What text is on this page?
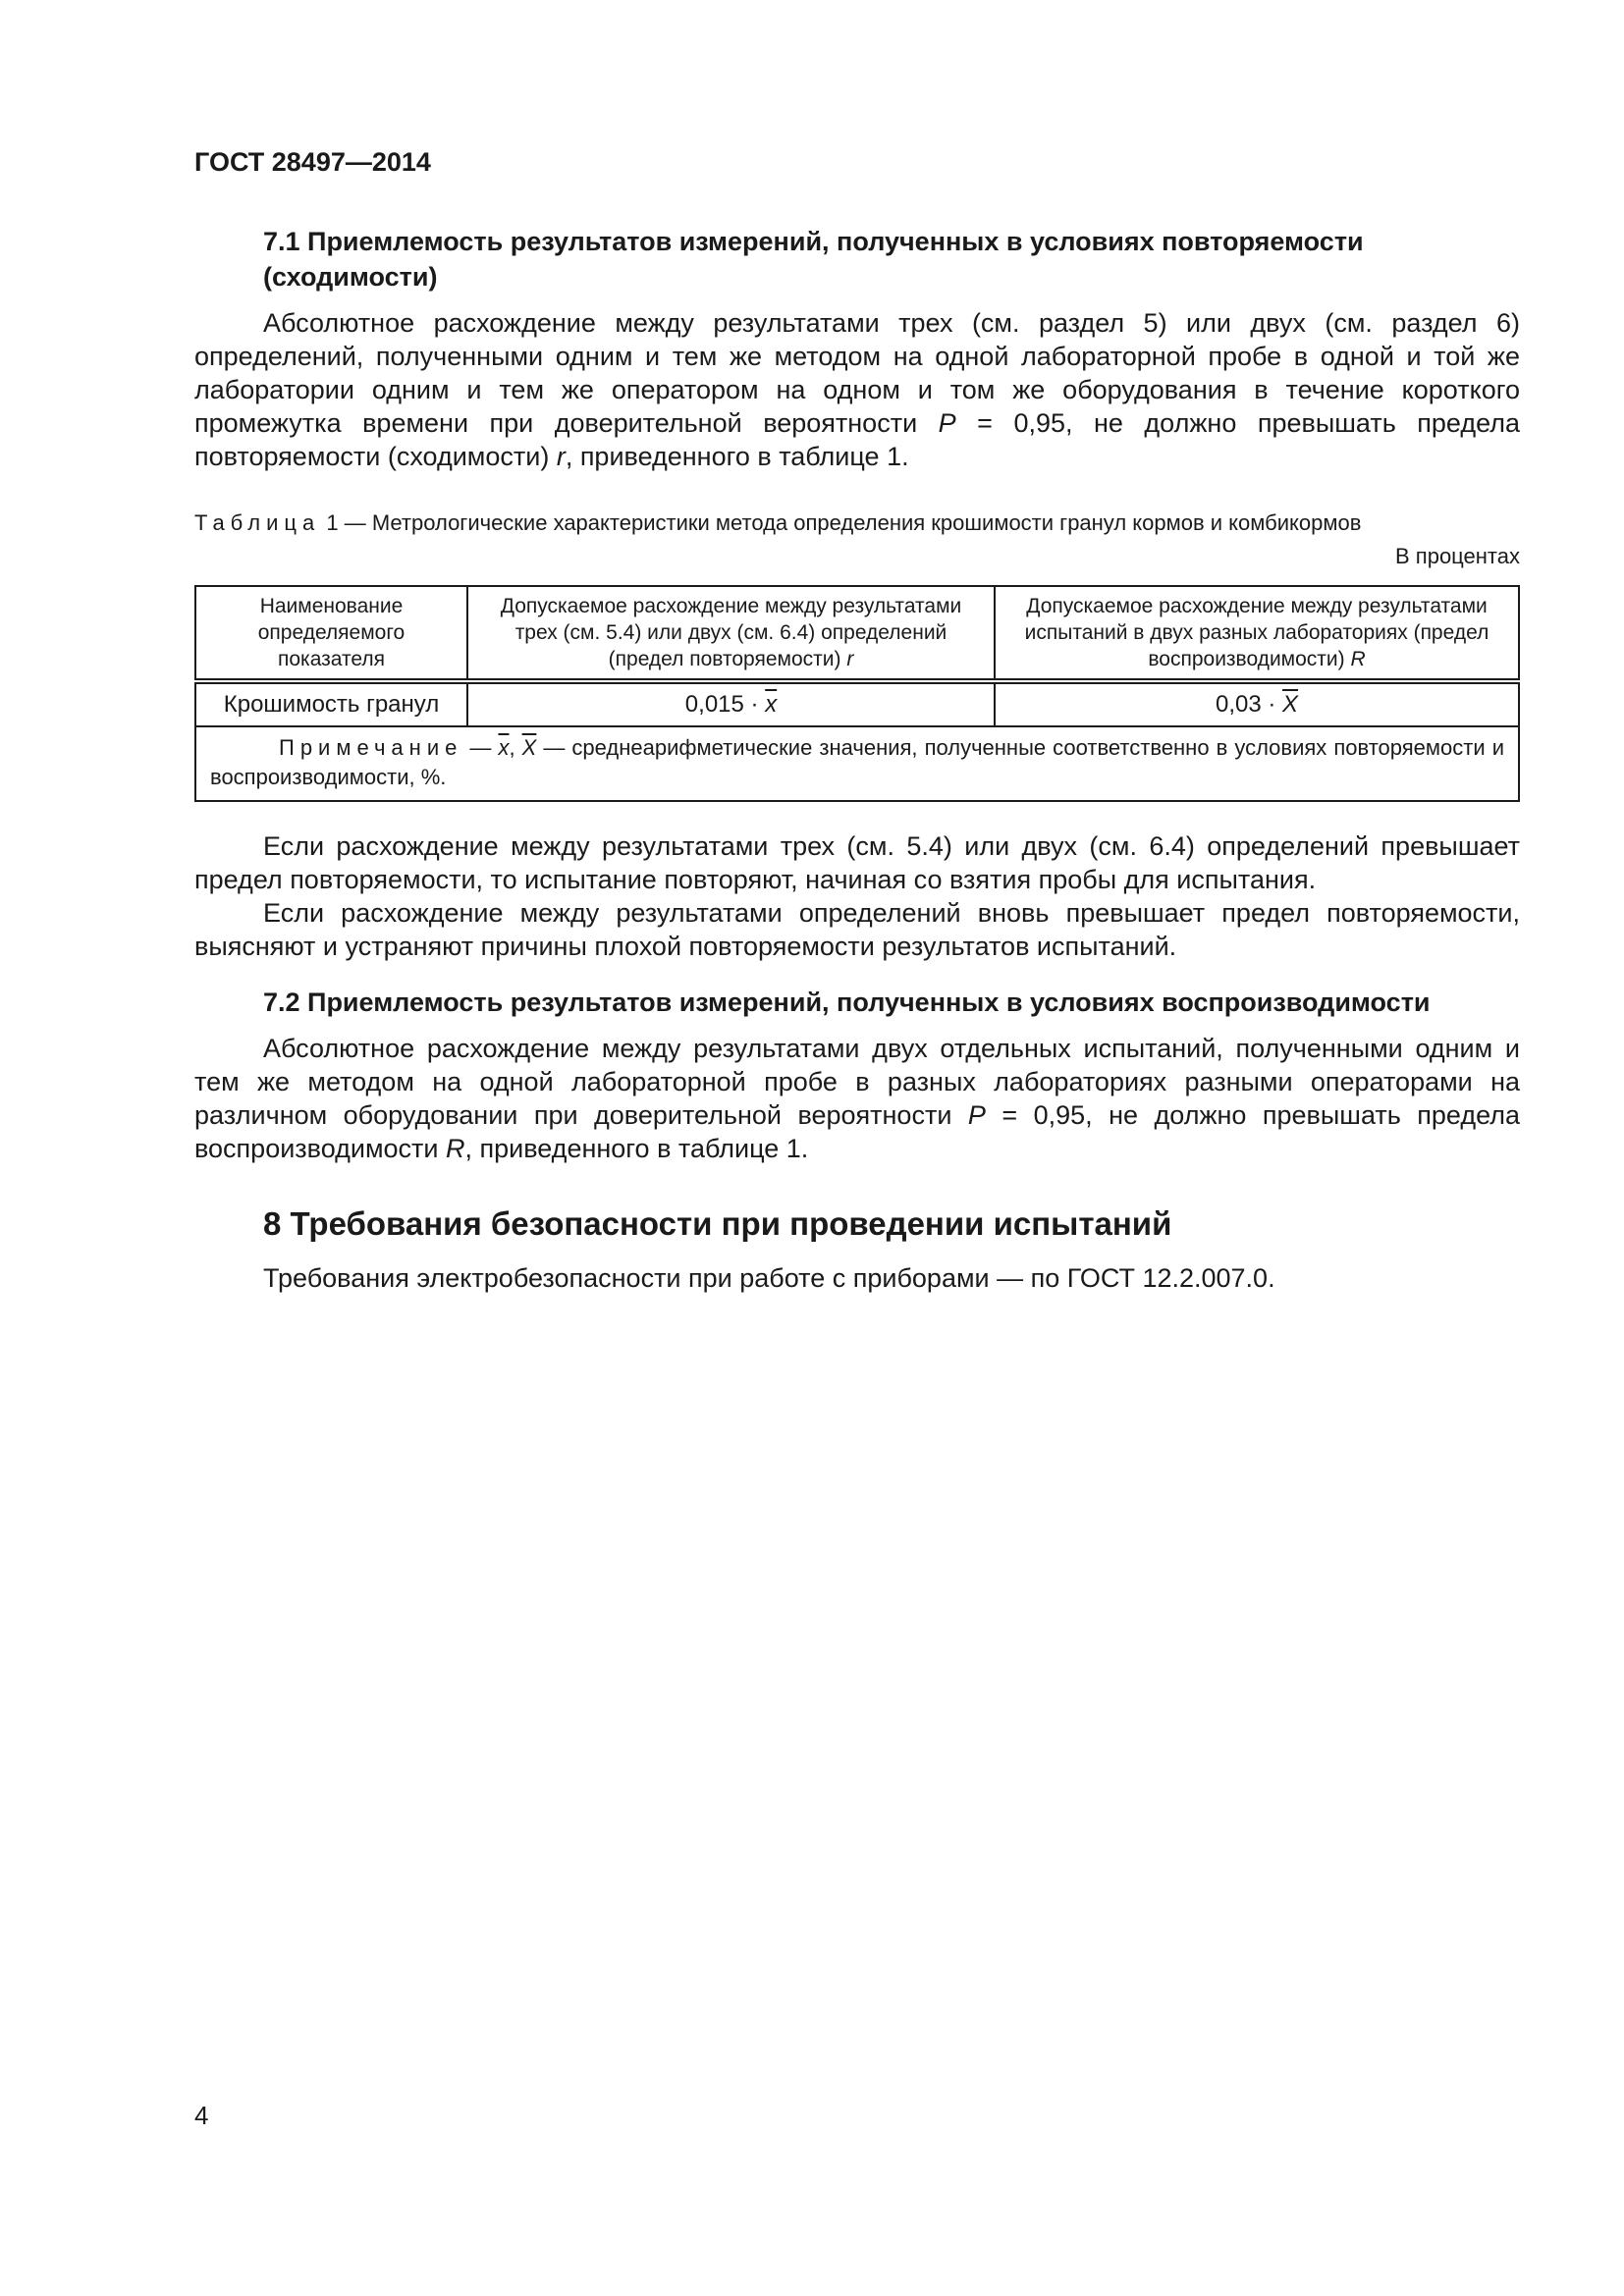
ГОСТ 28497—2014
7.1 Приемлемость результатов измерений, полученных в условиях повторяемости
(сходимости)

Абсолютное расхождение между результатами трех (см. раздел 5) или двух (см. раздел 6) определений, полученными одним и тем же методом на одной лабораторной пробе в одной и той же лаборатории одним и тем же оператором на одном и том же оборудования в течение короткого промежутка времени при доверительной вероятности P = 0,95, не должно превышать предела повторяемости (сходимости) r, приведенного в таблице 1.

Таблица 1 — Метрологические характеристики метода определения крошимости гранул кормов и комбикормов

В процентах

Наименование определяемого показателя	Допускаемое расхождение между результатами трех (см. 5.4) или двух (см. 6.4) определений (предел повторяемости) r	Допускаемое расхождение между результатами испытаний в двух разных лабораториях (предел воспроизводимости) R
Крошимость гранул	$0,015 \cdot \overline{x}$	$0,03 \cdot \overline{X}$
Примечание — $\overline{x}$, $\overline{X}$ — среднеарифметические значения, полученные соответственно в условиях повторяемости и воспроизводимости, %.		

Если расхождение между результатами трех (см. 5.4) или двух (см. 6.4) определений превышает предел повторяемости, то испытание повторяют, начиная со взятия пробы для испытания.

Если расхождение между результатами определений вновь превышает предел повторяемости, выясняют и устраняют причины плохой повторяемости результатов испытаний.

7.2 Приемлемость результатов измерений, полученных в условиях воспроизводимости

Абсолютное расхождение между результатами двух отдельных испытаний, полученными одним и тем же методом на одной лабораторной пробе в разных лабораториях разными операторами на различном оборудовании при доверительной вероятности P = 0,95, не должно превышать предела воспроизводимости R, приведенного в таблице 1.

8 Требования безопасности при проведении испытаний

Требования электробезопасности при работе с приборами — по ГОСТ 12.2.007.0.

4
